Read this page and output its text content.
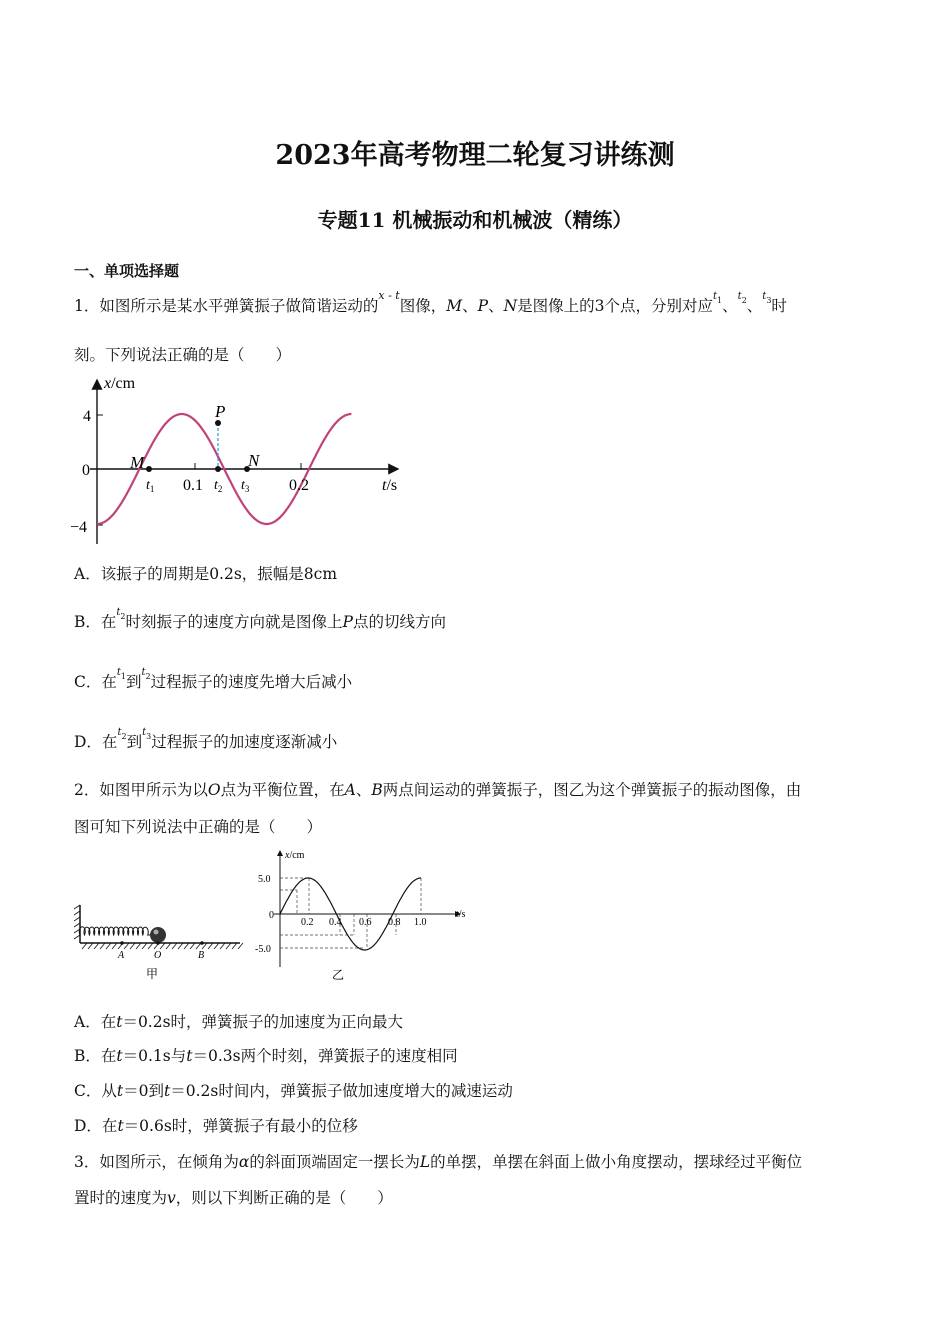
2023年高考物理二轮复习讲练测
专题11 机械振动和机械波（精练）
一、单项选择题
1．如图所示是某水平弹簧振子做简谐运动的$^{x - t}$图像，M、P、N是图像上的3个点，分别对应$^{t_1}$、$^{t_2}$、$^{t_3}$时
刻。下列说法正确的是（　　）
x/cm
4
0
−4
0.1	0.2	t/s
M
P
N
$t_1$	$t_2$ $t_3$
A．该振子的周期是0.2s，振幅是8cm
B．在$^{t_2}$时刻振子的速度方向就是图像上P点的切线方向
C．在$^{t_1}$到$^{t_2}$过程振子的速度先增大后减小
D．在$^{t_2}$到$^{t_3}$过程振子的加速度逐渐减小
2．如图甲所示为以O点为平衡位置，在A、B两点间运动的弹簧振子，图乙为这个弹簧振子的振动图像，由
图可知下列说法中正确的是（　　）
A	O	B
甲
x/cm
5.0
0
-5.0
0.2 0.4 0.6 0.8 1.0
t/s
乙
A．在t＝0.2s时，弹簧振子的加速度为正向最大
B．在t＝0.1s与t＝0.3s两个时刻，弹簧振子的速度相同
C．从t＝0到t＝0.2s时间内，弹簧振子做加速度增大的减速运动
D．在t＝0.6s时，弹簧振子有最小的位移
3．如图所示，在倾角为α的斜面顶端固定一摆长为L的单摆，单摆在斜面上做小角度摆动，摆球经过平衡位
置时的速度为v，则以下判断正确的是（　　）
